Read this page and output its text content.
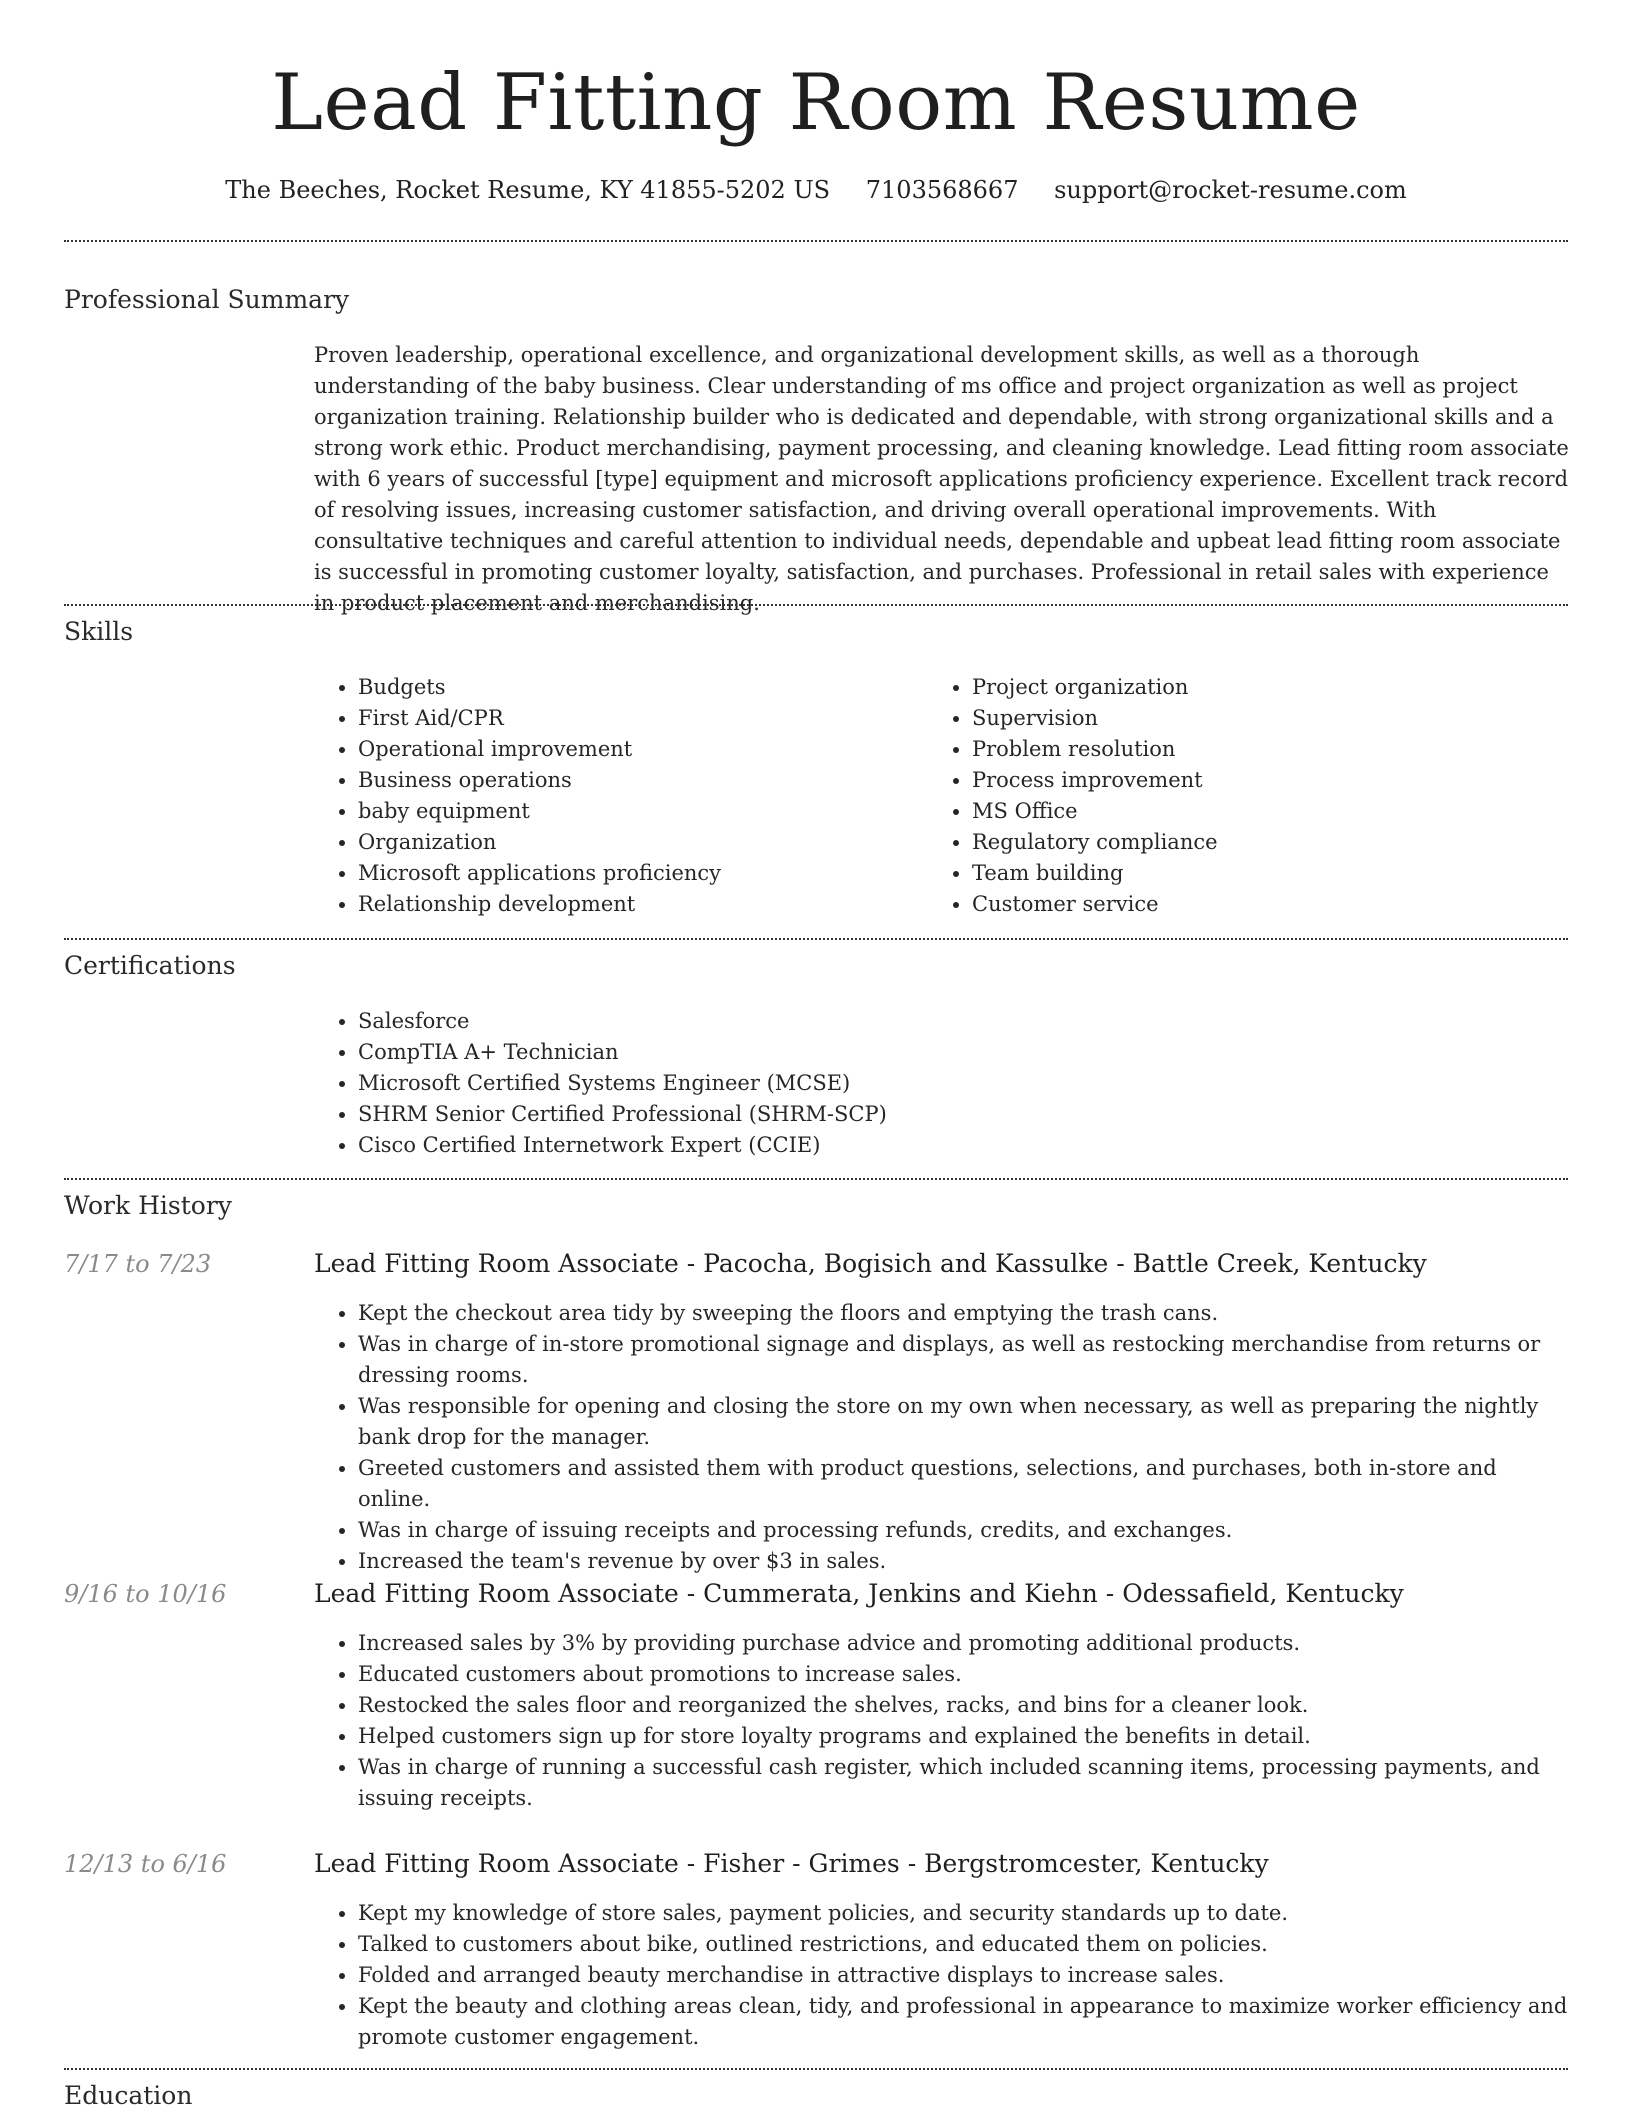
Lead Fitting Room Resume
The Beeches, Rocket Resume, KY 41855-5202 US 7103568667 support@rocket-resume.com
Professional Summary

Proven leadership, operational excellence, and organizational development skills, as well as a thorough understanding of the baby business. Clear understanding of ms office and project organization as well as project organization training. Relationship builder who is dedicated and dependable, with strong organizational skills and a strong work ethic. Product merchandising, payment processing, and cleaning knowledge. Lead fitting room associate with 6 years of successful [type] equipment and microsoft applications proficiency experience. Excellent track record of resolving issues, increasing customer satisfaction, and driving overall operational improvements. With consultative techniques and careful attention to individual needs, dependable and upbeat lead fitting room associate is successful in promoting customer loyalty, satisfaction, and purchases. Professional in retail sales with experience in product placement and merchandising.

Skills
• Budgets
• First Aid/CPR
• Operational improvement
• Business operations
• baby equipment
• Organization
• Microsoft applications proficiency
• Relationship development
• Project organization
• Supervision
• Problem resolution
• Process improvement
• MS Office
• Regulatory compliance
• Team building
• Customer service
Certifications
• Salesforce
• CompTIA A+ Technician
• Microsoft Certified Systems Engineer (MCSE)
• SHRM Senior Certified Professional (SHRM-SCP)
• Cisco Certified Internetwork Expert (CCIE)
Work History
7/17 to 7/23	Lead Fitting Room Associate - Pacocha, Bogisich and Kassulke - Battle Creek, Kentucky
• Kept the checkout area tidy by sweeping the floors and emptying the trash cans.
• Was in charge of in-store promotional signage and displays, as well as restocking merchandise from returns or dressing rooms.
• Was responsible for opening and closing the store on my own when necessary, as well as preparing the nightly bank drop for the manager.
• Greeted customers and assisted them with product questions, selections, and purchases, both in-store and online.
• Was in charge of issuing receipts and processing refunds, credits, and exchanges.
• Increased the team's revenue by over $3 in sales.
9/16 to 10/16	Lead Fitting Room Associate - Cummerata, Jenkins and Kiehn - Odessafield, Kentucky
• Increased sales by 3% by providing purchase advice and promoting additional products.
• Educated customers about promotions to increase sales.
• Restocked the sales floor and reorganized the shelves, racks, and bins for a cleaner look.
• Helped customers sign up for store loyalty programs and explained the benefits in detail.
• Was in charge of running a successful cash register, which included scanning items, processing payments, and issuing receipts.
12/13 to 6/16	Lead Fitting Room Associate - Fisher - Grimes - Bergstromcester, Kentucky
• Kept my knowledge of store sales, payment policies, and security standards up to date.
• Talked to customers about bike, outlined restrictions, and educated them on policies.
• Folded and arranged beauty merchandise in attractive displays to increase sales.
• Kept the beauty and clothing areas clean, tidy, and professional in appearance to maximize worker efficiency and promote customer engagement.
Education
